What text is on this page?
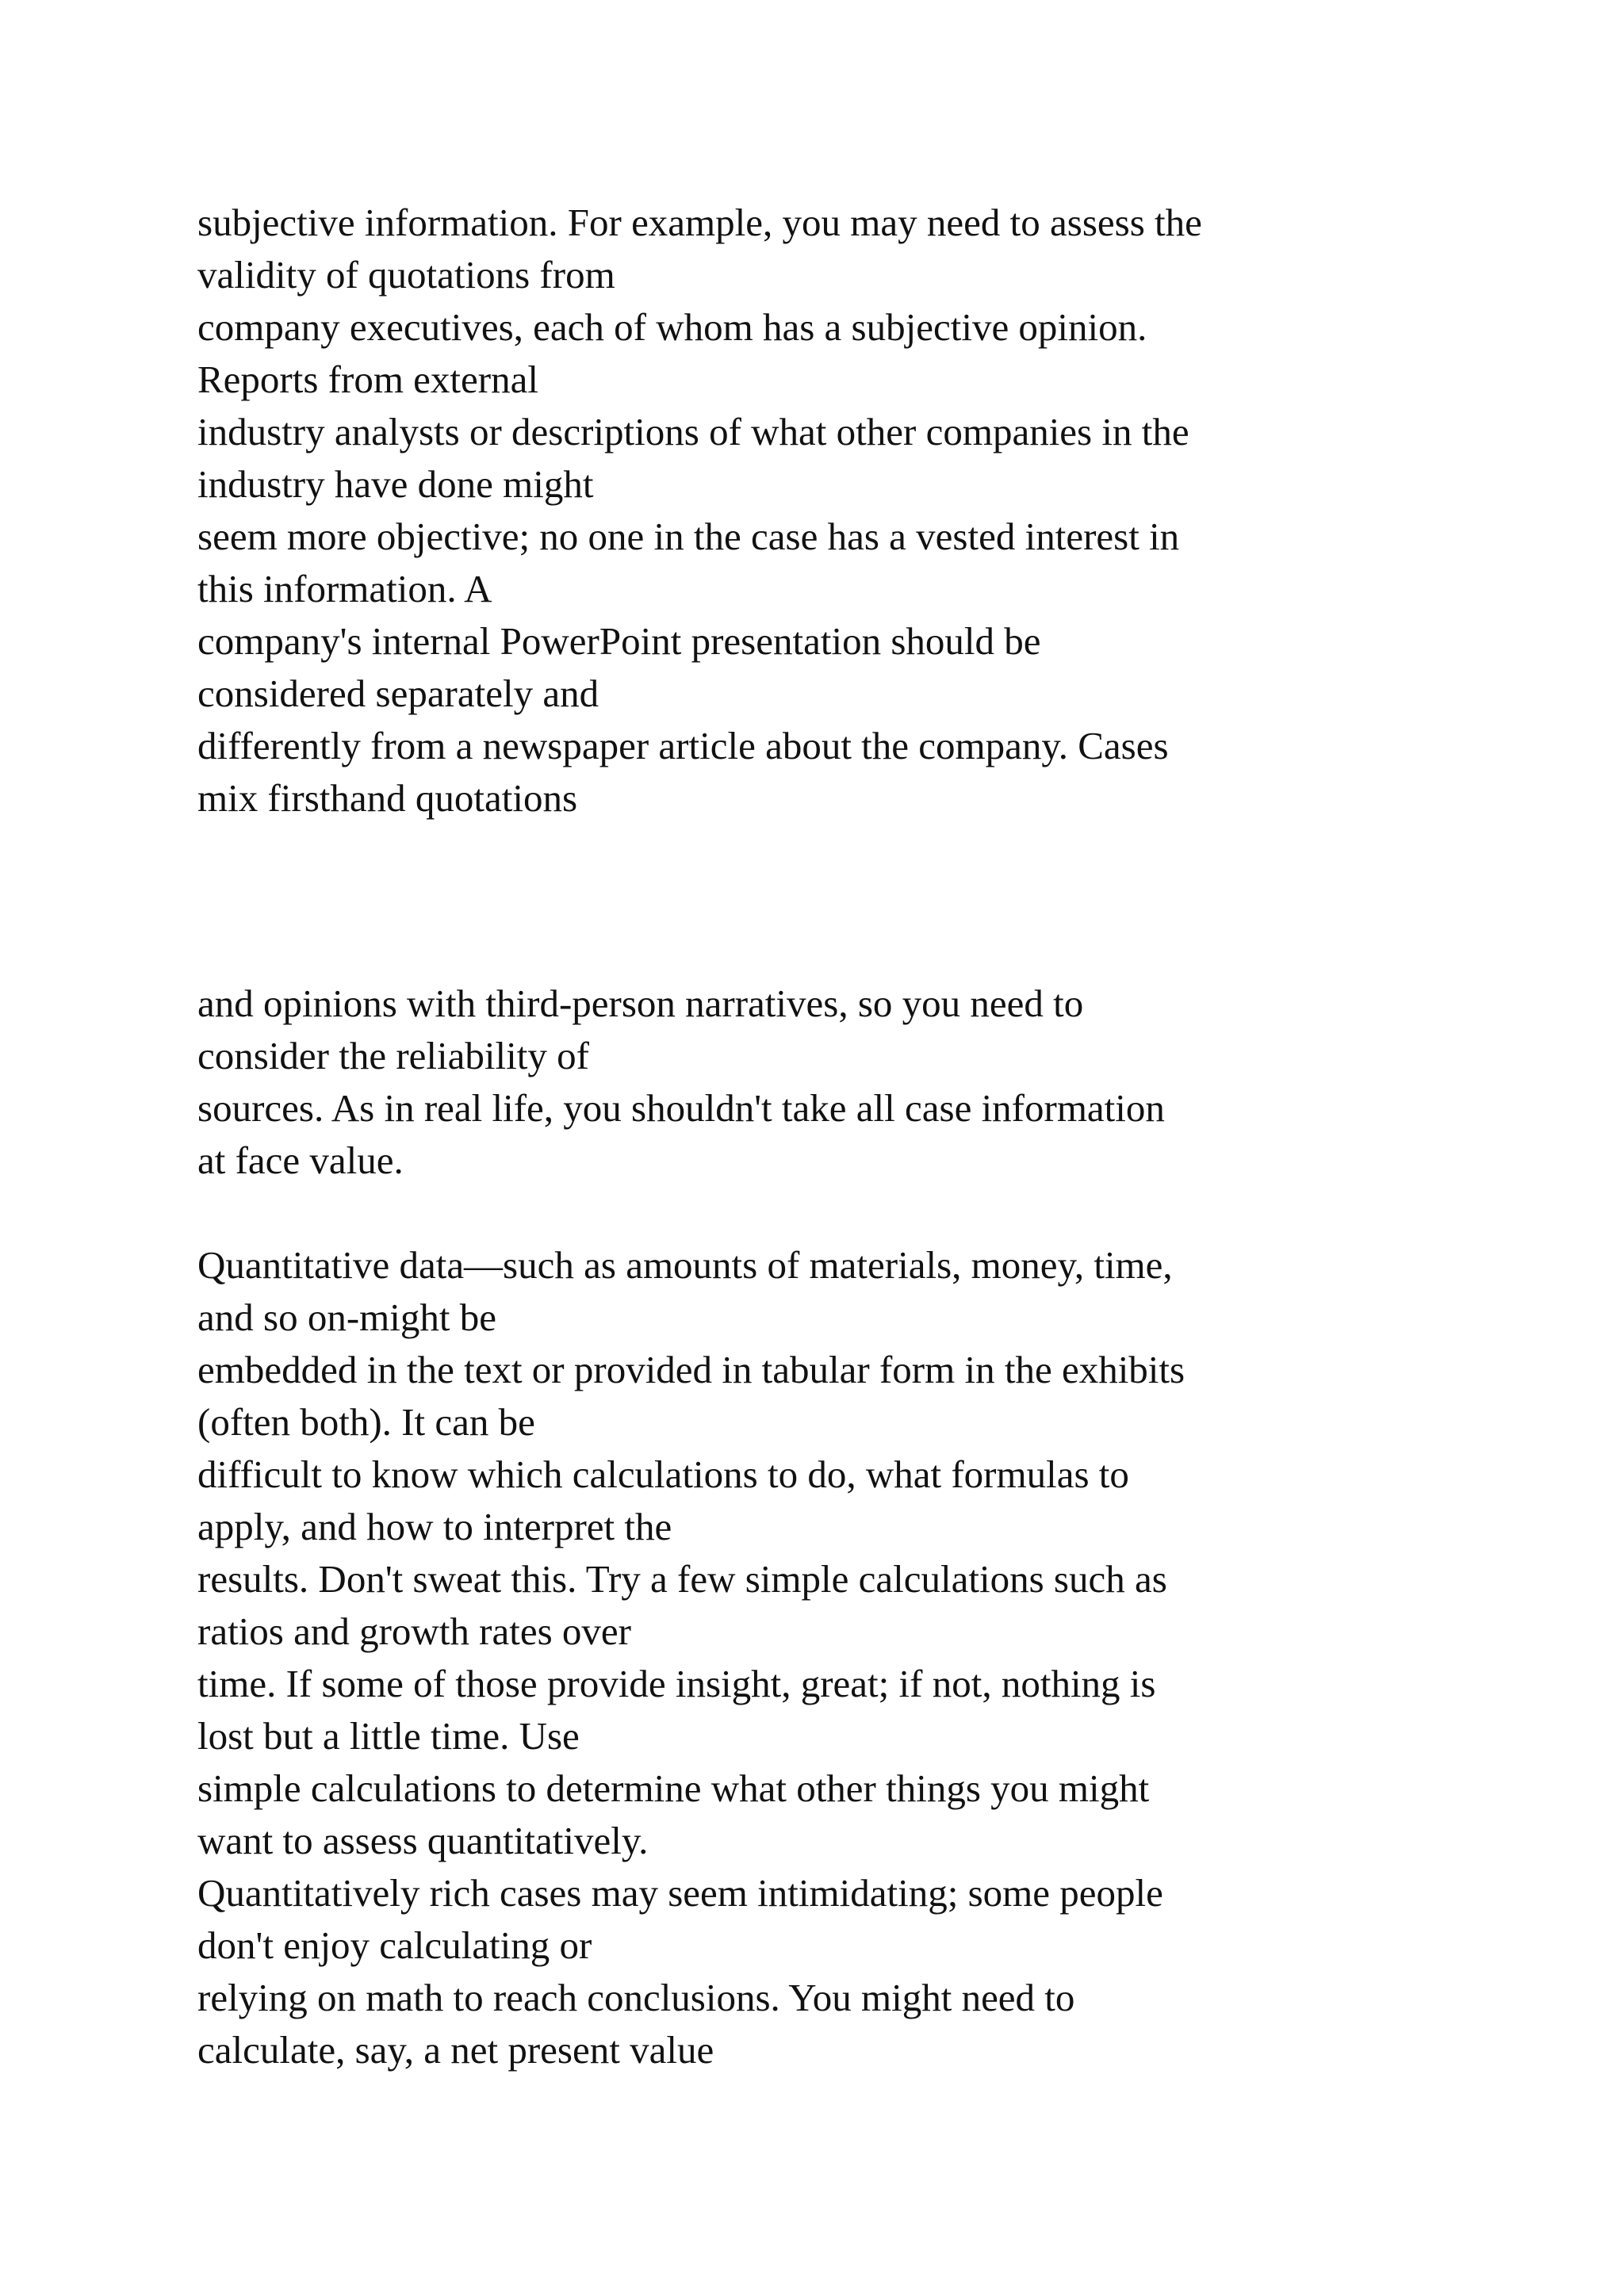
subjective information. For example, you may need to assess the
validity of quotations from
company executives, each of whom has a subjective opinion.
Reports from external
industry analysts or descriptions of what other companies in the
industry have done might
seem more objective; no one in the case has a vested interest in
this information. A
company's internal PowerPoint presentation should be
considered separately and
differently from a newspaper article about the company. Cases
mix firsthand quotations

and opinions with third-person narratives, so you need to
consider the reliability of
sources. As in real life, you shouldn't take all case information
at face value.

Quantitative data—such as amounts of materials, money, time,
and so on-might be
embedded in the text or provided in tabular form in the exhibits
(often both). It can be
difficult to know which calculations to do, what formulas to
apply, and how to interpret the
results. Don't sweat this. Try a few simple calculations such as
ratios and growth rates over
time. If some of those provide insight, great; if not, nothing is
lost but a little time. Use
simple calculations to determine what other things you might
want to assess quantitatively.
Quantitatively rich cases may seem intimidating; some people
don't enjoy calculating or
relying on math to reach conclusions. You might need to
calculate, say, a net present value
